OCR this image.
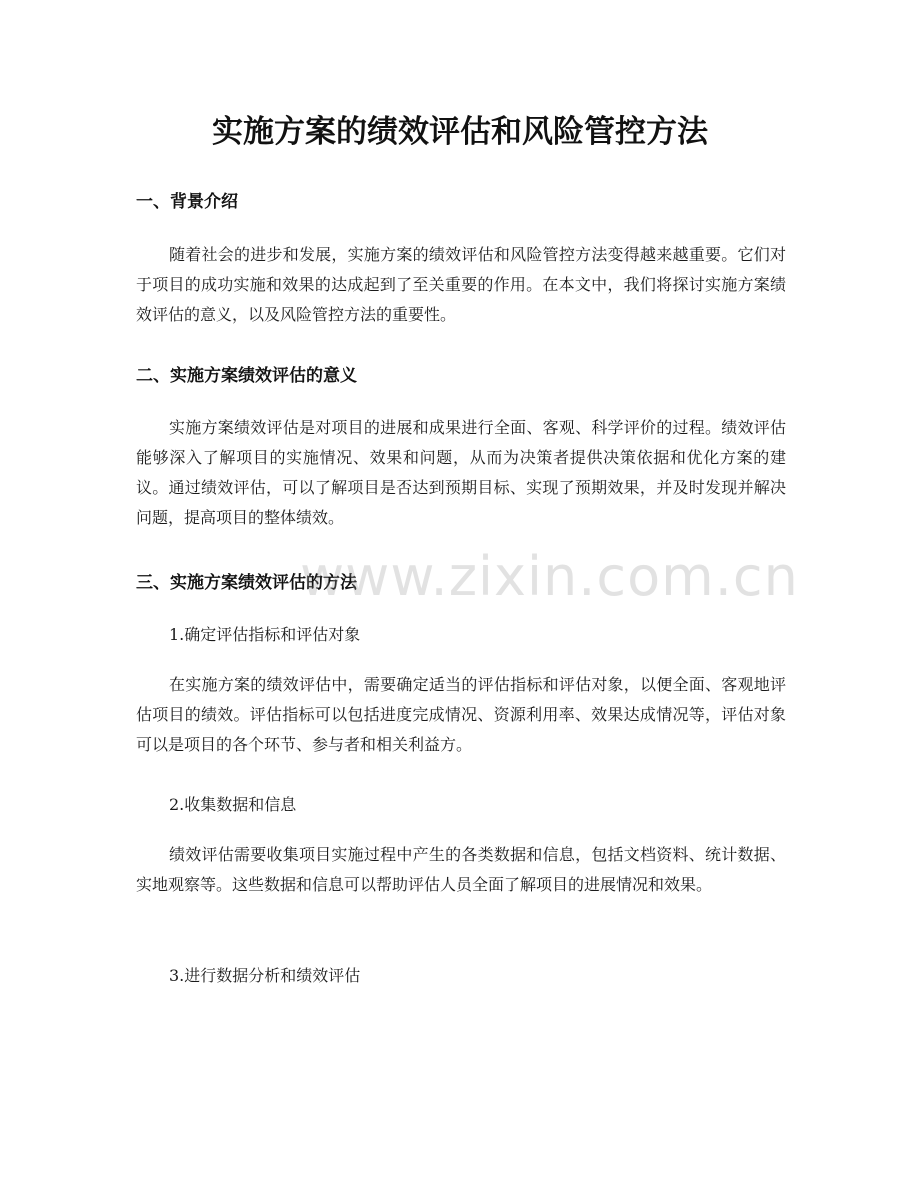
实施方案的绩效评估和风险管控方法
一、背景介绍

随着社会的进步和发展，实施方案的绩效评估和风险管控方法变得越来越重要。它们对于项目的成功实施和效果的达成起到了至关重要的作用。在本文中，我们将探讨实施方案绩效评估的意义，以及风险管控方法的重要性。

二、实施方案绩效评估的意义

实施方案绩效评估是对项目的进展和成果进行全面、客观、科学评价的过程。绩效评估能够深入了解项目的实施情况、效果和问题，从而为决策者提供决策依据和优化方案的建议。通过绩效评估，可以了解项目是否达到预期目标、实现了预期效果，并及时发现并解决问题，提高项目的整体绩效。

三、实施方案绩效评估的方法
1.确定评估指标和评估对象

在实施方案的绩效评估中，需要确定适当的评估指标和评估对象，以便全面、客观地评估项目的绩效。评估指标可以包括进度完成情况、资源利用率、效果达成情况等，评估对象可以是项目的各个环节、参与者和相关利益方。

2.收集数据和信息

绩效评估需要收集项目实施过程中产生的各类数据和信息，包括文档资料、统计数据、实地观察等。这些数据和信息可以帮助评估人员全面了解项目的进展情况和效果。

3.进行数据分析和绩效评估
www.zixin.com.cn
